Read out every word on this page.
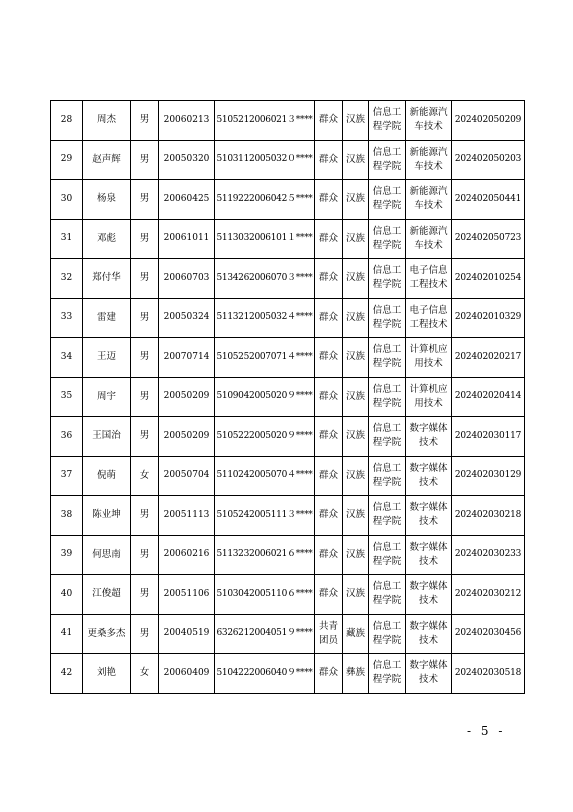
28	周杰	男	20060213	5105212006021３****	群众	汉族	信息工程学院	新能源汽车技术	202402050209
29	赵声辉	男	20050320	5103112005032０****	群众	汉族	信息工程学院	新能源汽车技术	202402050203
30	杨泉	男	20060425	5119222006042５****	群众	汉族	信息工程学院	新能源汽车技术	202402050441
31	邓彪	男	20061011	5113032006101１****	群众	汉族	信息工程学院	新能源汽车技术	202402050723
32	郑付华	男	20060703	5134262006070３****	群众	汉族	信息工程学院	电子信息工程技术	202402010254
33	雷建	男	20050324	5113212005032４****	群众	汉族	信息工程学院	电子信息工程技术	202402010329
34	王迈	男	20070714	5105252007071４****	群众	汉族	信息工程学院	计算机应用技术	202402020217
35	周宇	男	20050209	5109042005020９****	群众	汉族	信息工程学院	计算机应用技术	202402020414
36	王国治	男	20050209	5105222005020９****	群众	汉族	信息工程学院	数字媒体技术	202402030117
37	倪萌	女	20050704	5110242005070４****	群众	汉族	信息工程学院	数字媒体技术	202402030129
38	陈业坤	男	20051113	5105242005111３****	群众	汉族	信息工程学院	数字媒体技术	202402030218
39	何思南	男	20060216	5113232006021６****	群众	汉族	信息工程学院	数字媒体技术	202402030233
40	江俊超	男	20051106	5103042005110６****	群众	汉族	信息工程学院	数字媒体技术	202402030212
41	更桑多杰	男	20040519	6326212004051９****	共青团员	藏族	信息工程学院	数字媒体技术	202402030456
42	刘艳	女	20060409	5104222006040９****	群众	彝族	信息工程学院	数字媒体技术	202402030518
- 5 -
